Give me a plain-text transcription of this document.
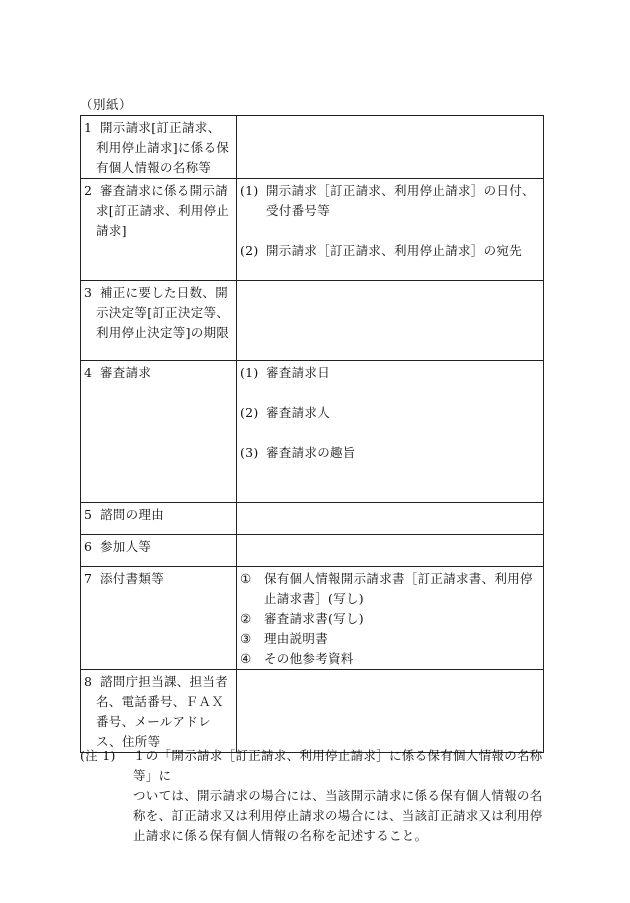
（別紙）
1 開示請求[訂正請求、利用停止請求]に係る保有個人情報の名称等	

2 審査請求に係る開示請求[訂正請求、利用停止請求]	(1) 開示請求［訂正請求、利用停止請求］の日付、受付番号等
(2) 開示請求［訂正請求、利用停止請求］の宛先

3 補正に要した日数、開示決定等[訂正決定等、利用停止決定等]の期限	

4 審査請求	(1) 審査請求日
(2) 審査請求人
(3) 審査請求の趣旨

5 諮問の理由	

6 参加人等	

7 添付書類等	① 保有個人情報開示請求書［訂正請求書、利用停止請求書］(写し)
② 審査請求書(写し)
③ 理由説明書
④ その他参考資料

8 諮問庁担当課、担当者名、電話番号、ＦＡＸ番号、メールアドレス、住所等	

(注 1)	１の「開示請求［訂正請求、利用停止請求］に係る保有個人情報の名称等」に
ついては、開示請求の場合には、当該開示請求に係る保有個人情報の名称を、訂正請求又は利用停止請求の場合には、当該訂正請求又は利用停止請求に係る保有個人情報の名称を記述すること。
